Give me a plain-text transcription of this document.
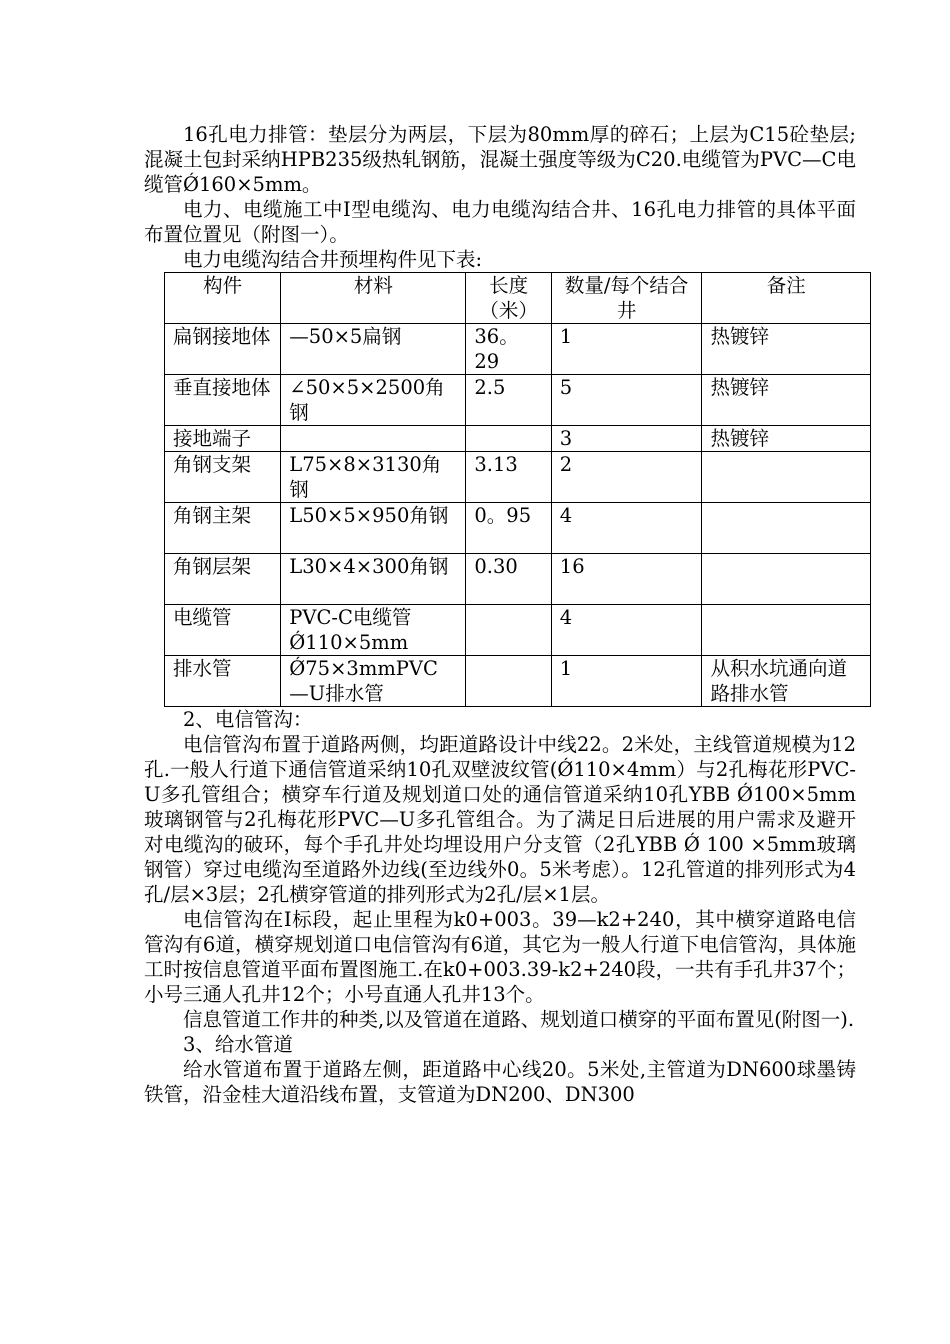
16孔电力排管：垫层分为两层，下层为80mm厚的碎石；上层为C15砼垫层;混凝土包封采纳HPB235级热轧钢筋，混凝土强度等级为C20.电缆管为PVC—C电缆管Ǿ160×5mm。

电力、电缆施工中Ⅰ型电缆沟、电力电缆沟结合井、16孔电力排管的具体平面布置位置见（附图一）。

电力电缆沟结合井预埋构件见下表:

构件	材料	长度（米）	数量/每个结合井	备注
扁钢接地体	—50×5扁钢	36。29	1	热镀锌
垂直接地体	∠50×5×2500角钢	2.5	5	热镀锌
接地端子			3	热镀锌
角钢支架	L75×8×3130角钢	3.13	2	
角钢主架	L50×5×950角钢	0。95	4	
角钢层架	L30×4×300角钢	0.30	16	
电缆管	PVC-C电缆管Ǿ110×5mm		4	
排水管	Ǿ75×3mmPVC—U排水管		1	从积水坑通向道路排水管

2、电信管沟：

电信管沟布置于道路两侧，均距道路设计中线22。2米处，主线管道规模为12孔.一般人行道下通信管道采纳10孔双壁波纹管(Ǿ110×4mm）与2孔梅花形PVC-U多孔管组合；横穿车行道及规划道口处的通信管道采纳10孔YBB Ǿ100×5mm玻璃钢管与2孔梅花形PVC—U多孔管组合。为了满足日后进展的用户需求及避开对电缆沟的破环，每个手孔井处均埋设用户分支管（2孔YBB Ǿ 100 ×5mm玻璃钢管）穿过电缆沟至道路外边线(至边线外0。5米考虑）。12孔管道的排列形式为4孔/层×3层；2孔横穿管道的排列形式为2孔/层×1层。

电信管沟在Ⅰ标段，起止里程为k0+003。39—k2+240，其中横穿道路电信管沟有6道，横穿规划道口电信管沟有6道，其它为一般人行道下电信管沟，具体施工时按信息管道平面布置图施工.在k0+003.39-k2+240段，一共有手孔井37个；小号三通人孔井12个；小号直通人孔井13个。

信息管道工作井的种类,以及管道在道路、规划道口横穿的平面布置见(附图一).

3、给水管道

给水管道布置于道路左侧，距道路中心线20。5米处,主管道为DN600球墨铸铁管，沿金桂大道沿线布置，支管道为DN200、DN300
